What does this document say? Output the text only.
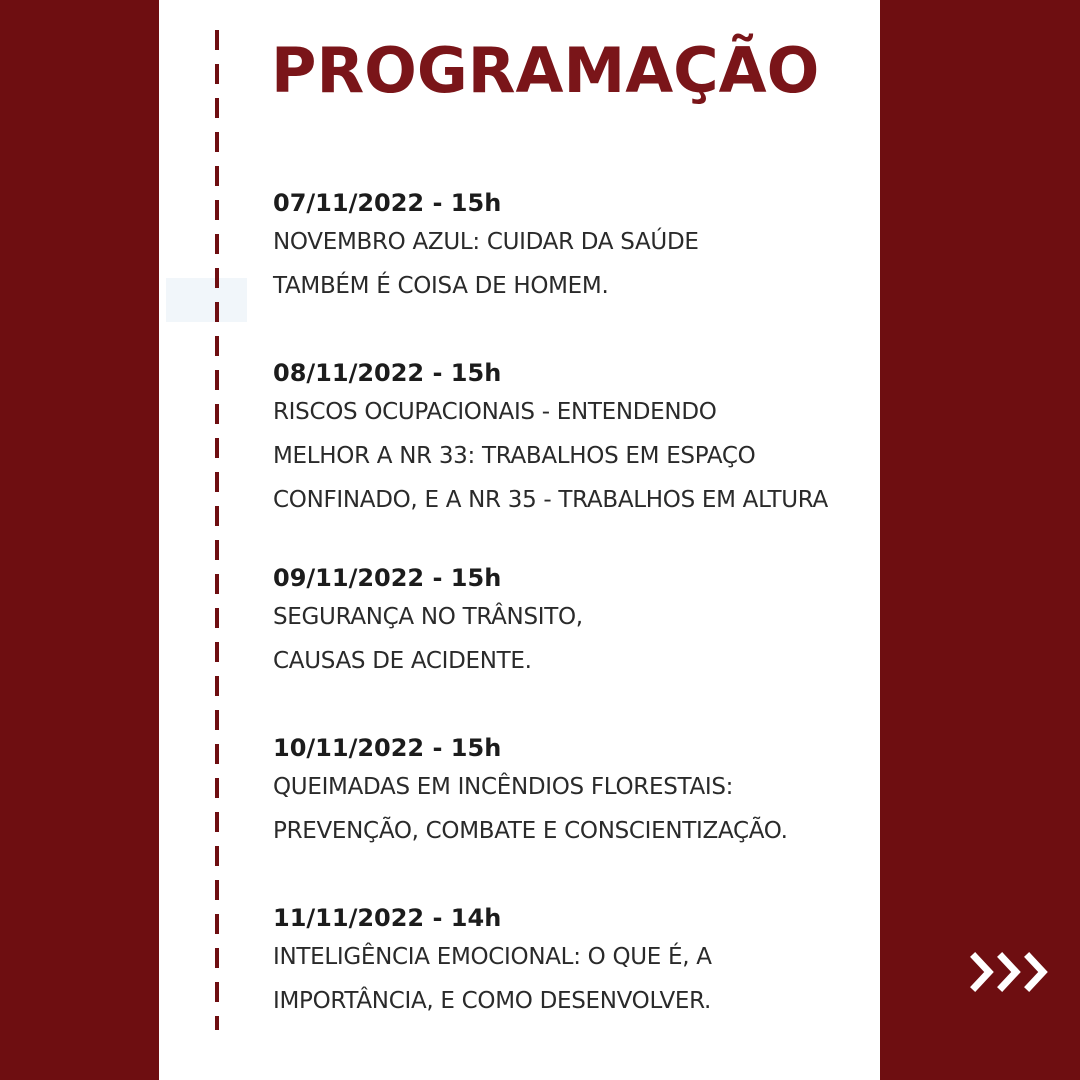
PROGRAMAÇÃO
07/11/2022 - 15h
NOVEMBRO AZUL: CUIDAR DA SAÚDE
TAMBÉM É COISA DE HOMEM.
08/11/2022 - 15h
RISCOS OCUPACIONAIS - ENTENDENDO
MELHOR A NR 33: TRABALHOS EM ESPAÇO
CONFINADO, E A NR 35 - TRABALHOS EM ALTURA
09/11/2022 - 15h
SEGURANÇA NO TRÂNSITO,
CAUSAS DE ACIDENTE.
10/11/2022 - 15h
QUEIMADAS EM INCÊNDIOS FLORESTAIS:
PREVENÇÃO, COMBATE E CONSCIENTIZAÇÃO.
11/11/2022 - 14h
INTELIGÊNCIA EMOCIONAL: O QUE É, A
IMPORTÂNCIA, E COMO DESENVOLVER.
